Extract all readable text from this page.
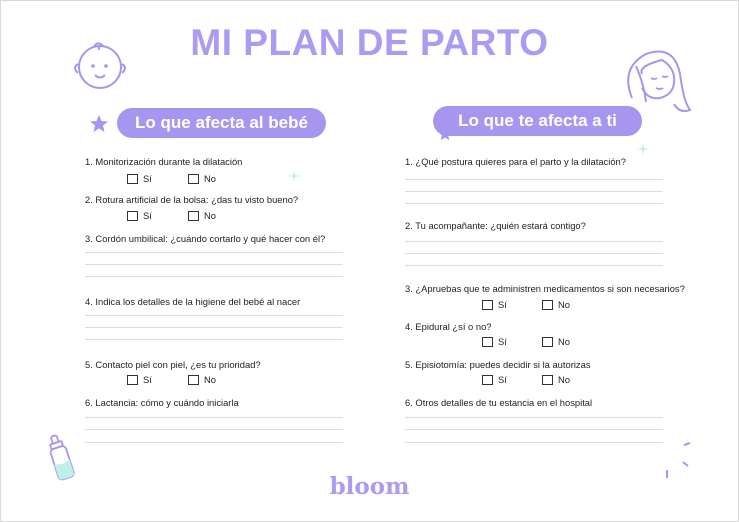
MI PLAN DE PARTO
Lo que afecta al bebé	Lo que te afecta a ti
1. Monitorización durante la dilatación
Sí	No
2. Rotura artificial de la bolsa: ¿das tu visto bueno?
Sí	No
3. Cordón umbilical: ¿cuándo cortarlo y qué hacer con él?
4. Indica los detalles de la higiene del bebé al nacer
5. Contacto piel con piel, ¿es tu prioridad?
Sí	No
6. Lactancia: cómo y cuándo iniciarla
1. ¿Qué postura quieres para el parto y la dilatación?
2. Tu acompañante: ¿quién estará contigo?
3. ¿Apruebas que te administren medicamentos si son necesarios?
Sí	No
4. Epidural ¿sí o no?
Sí	No
5. Episiotomía: puedes decidir si la autorizas
Sí	No
6. Otros detalles de tu estancia en el hospital
bloom
